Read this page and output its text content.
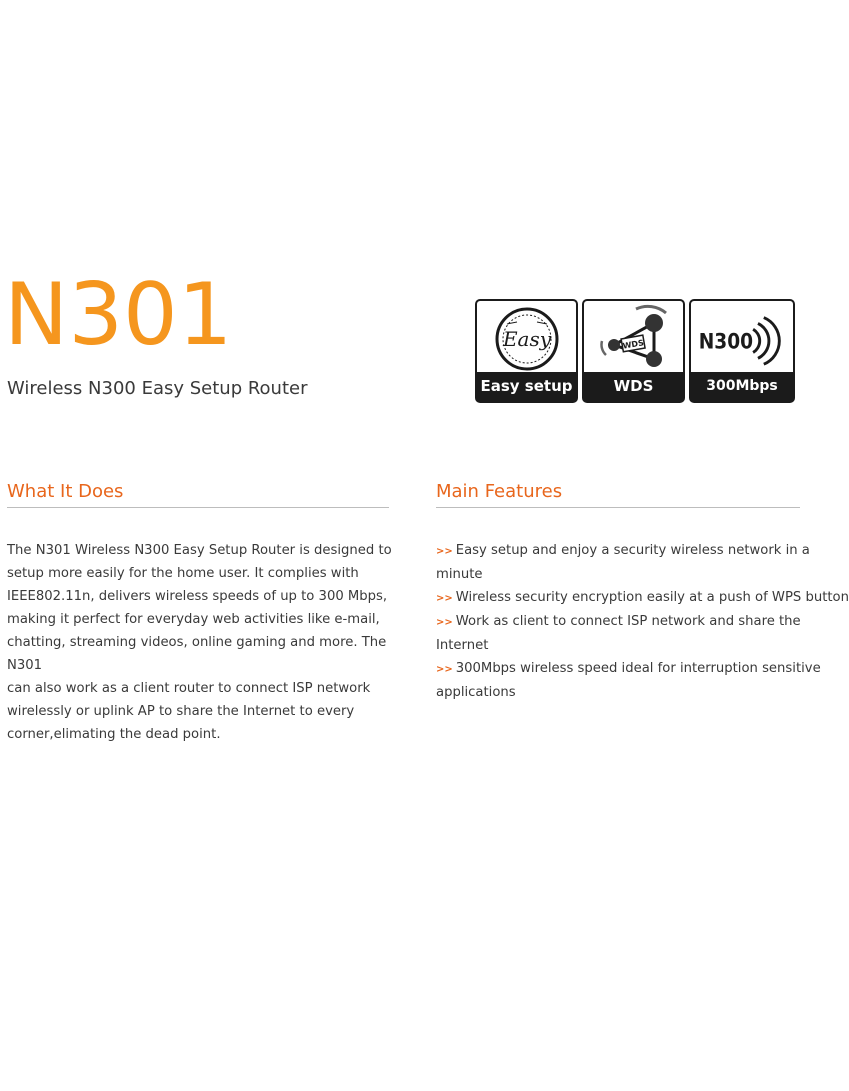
N301
Wireless N300 Easy Setup Router
Easy
Easy setup
WDS
WDS
N300
300Mbps
What It Does
The N301 Wireless N300 Easy Setup Router is designed to
setup more easily for the home user. It complies with
IEEE802.11n, delivers wireless speeds of up to 300 Mbps,
making it perfect for everyday web activities like e-mail,
chatting, streaming videos, online gaming and more. The N301
can also work as a client router to connect ISP network
wirelessly or uplink AP to share the Internet to every
corner,elimating the dead point.
Main Features
>> Easy setup and enjoy a security wireless network in a
minute
>> Wireless security encryption easily at a push of WPS button
>> Work as client to connect ISP network and share the
Internet
>> 300Mbps wireless speed ideal for interruption sensitive
applications
